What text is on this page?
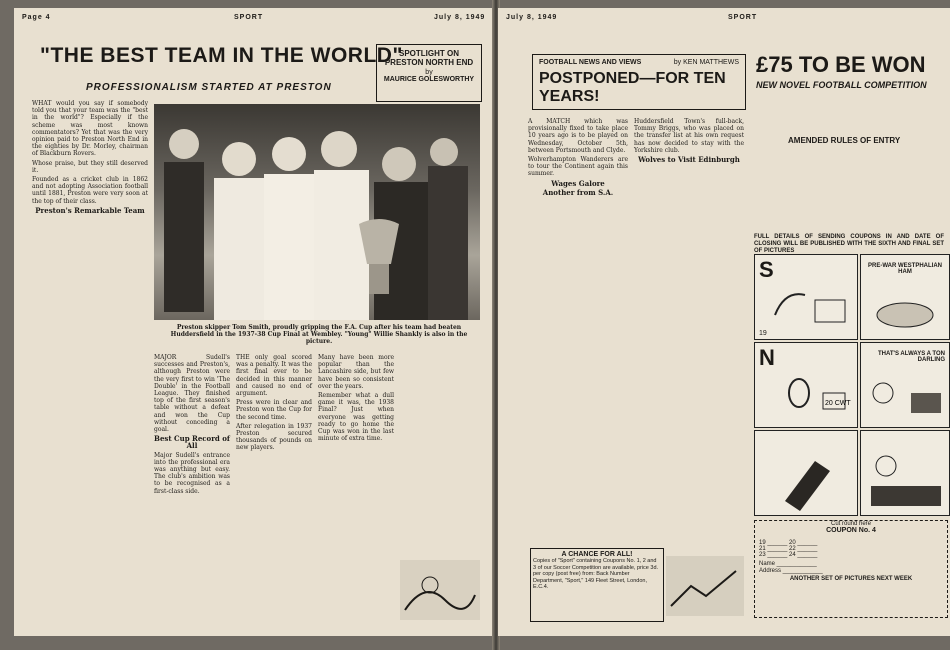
Page 4	SPORT	July 8, 1949
"THE BEST TEAM IN THE WORLD"
PROFESSIONALISM STARTED AT PRESTON
SPOTLIGHT ON PRESTON NORTH END
by
MAURICE GOLESWORTHY

WHAT would you say if somebody told you that your team was the "best in the world"? Especially if the scheme was most known commentators? Yet that was the very opinion paid to Preston North End in the eighties by Dr. Morley, chairman of Blackburn Rovers.

Whose praise, but they still deserved it.

Founded as a cricket club in 1862 and not adopting Association football until 1881, Preston were very soon at the top of their class.

Preston's Remarkable Team

Preston skipper Tom Smith, proudly gripping the F.A. Cup after his team had beaten Huddersfield in the 1937-38 Cup Final at Wembley. "Young" Willie Shankly is also in the picture.

MAJOR Sudell's successes and Preston's, although Preston were the very first to win 'The Double' in the Football League. They finished top of the first season's table without a defeat and won the Cup without conceding a goal.

Best Cup Record of All

Major Sudell's entrance into the professional era was anything but easy. The club's ambition was to be recognised as a first-class side.

THE only goal scored was a penalty. It was the first final ever to be decided in this manner and caused no end of argument.

Press were in clear and Preston won the Cup for the second time.

After relegation in 1937 Preston secured thousands of pounds on new players.

Many have been more popular than the Lancashire side, but few have been so consistent over the years.

Remember what a dull game it was, the 1938 Final? Just when everyone was getting ready to go home the Cup was won in the last minute of extra time.

July 8, 1949	SPORT
FOOTBALL NEWS AND VIEWS	by KEN MATTHEWS
POSTPONED—FOR TEN YEARS!
£75 TO BE WON
NEW NOVEL FOOTBALL COMPETITION

A MATCH which was provisionally fixed to take place 10 years ago is to be played on Wednesday, October 5th, between Portsmouth and Clyde.

Wolverhampton Wanderers are to tour the Continent again this summer.

Wages Galore

Another from S.A.

Huddersfield Town's full-back, Tommy Briggs, who was placed on the transfer list at his own request has now decided to stay with the Yorkshire club.

Wolves to Visit Edinburgh

A CHANCE FOR ALL!
Copies of "Sport" containing Coupons No. 1, 2 and 3 of our Soccer Competition are available, price 3d. per copy (post free) from: Back Number Department, "Sport," 149 Fleet Street, London, E.C.4.
AMENDED RULES OF ENTRY
FULL DETAILS OF SENDING COUPONS IN AND DATE OF CLOSING WILL BE PUBLISHED WITH THE SIXTH AND FINAL SET OF PICTURES
S
19
PRE-WAR WESTPHALIAN HAM
N
20 CWT
THAT'S ALWAYS A TON DARLING
Cut round here
COUPON No. 4
19 ______ 20 ______
21 ______ 22 ______
23 ______ 24 ______
Name ____________
Address ____________
ANOTHER SET OF PICTURES NEXT WEEK
